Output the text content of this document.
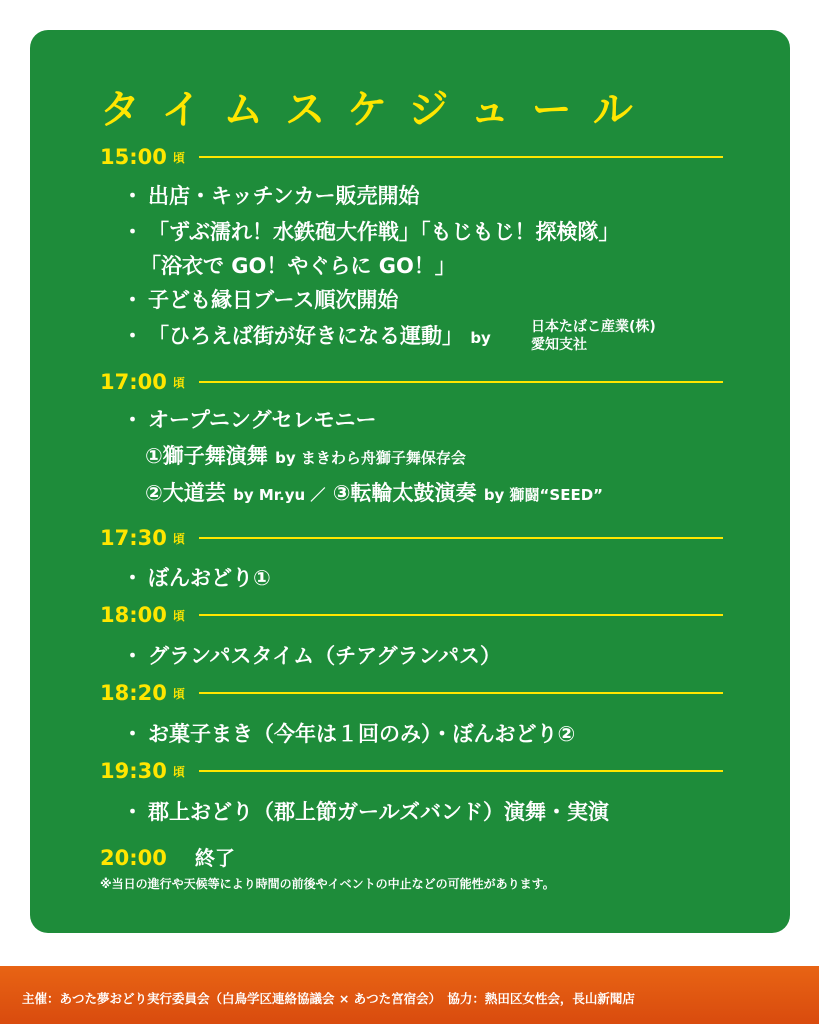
タイムスケジュール
15:00 頃
・ 出店・キッチンカー販売開始
・ 「ずぶ濡れ！水鉄砲大作戦」「もじもじ！探検隊」
「浴衣で GO！やぐらに GO！」
・ 子ども縁日ブース順次開始
・ 「ひろえば街が好きになる運動」 by
日本たばこ産業(株)
愛知支社
17:00 頃
・ オープニングセレモニー
①獅子舞演舞 by まきわら舟獅子舞保存会
②大道芸 by Mr.yu ／ ③転輪太鼓演奏 by 獅闘“SEED”
17:30 頃
・ ぼんおどり①
18:00 頃
・ グランパスタイム（チアグランパス）
18:20 頃
・ お菓子まき（今年は１回のみ）・ぼんおどり②
19:30 頃
・ 郡上おどり（郡上節ガールズバンド）演舞・実演
20:00 終了
※当日の進行や天候等により時間の前後やイベントの中止などの可能性があります。
主催：あつた夢おどり実行委員会（白鳥学区連絡協議会 × あつた宮宿会）　協力：熱田区女性会，長山新聞店
